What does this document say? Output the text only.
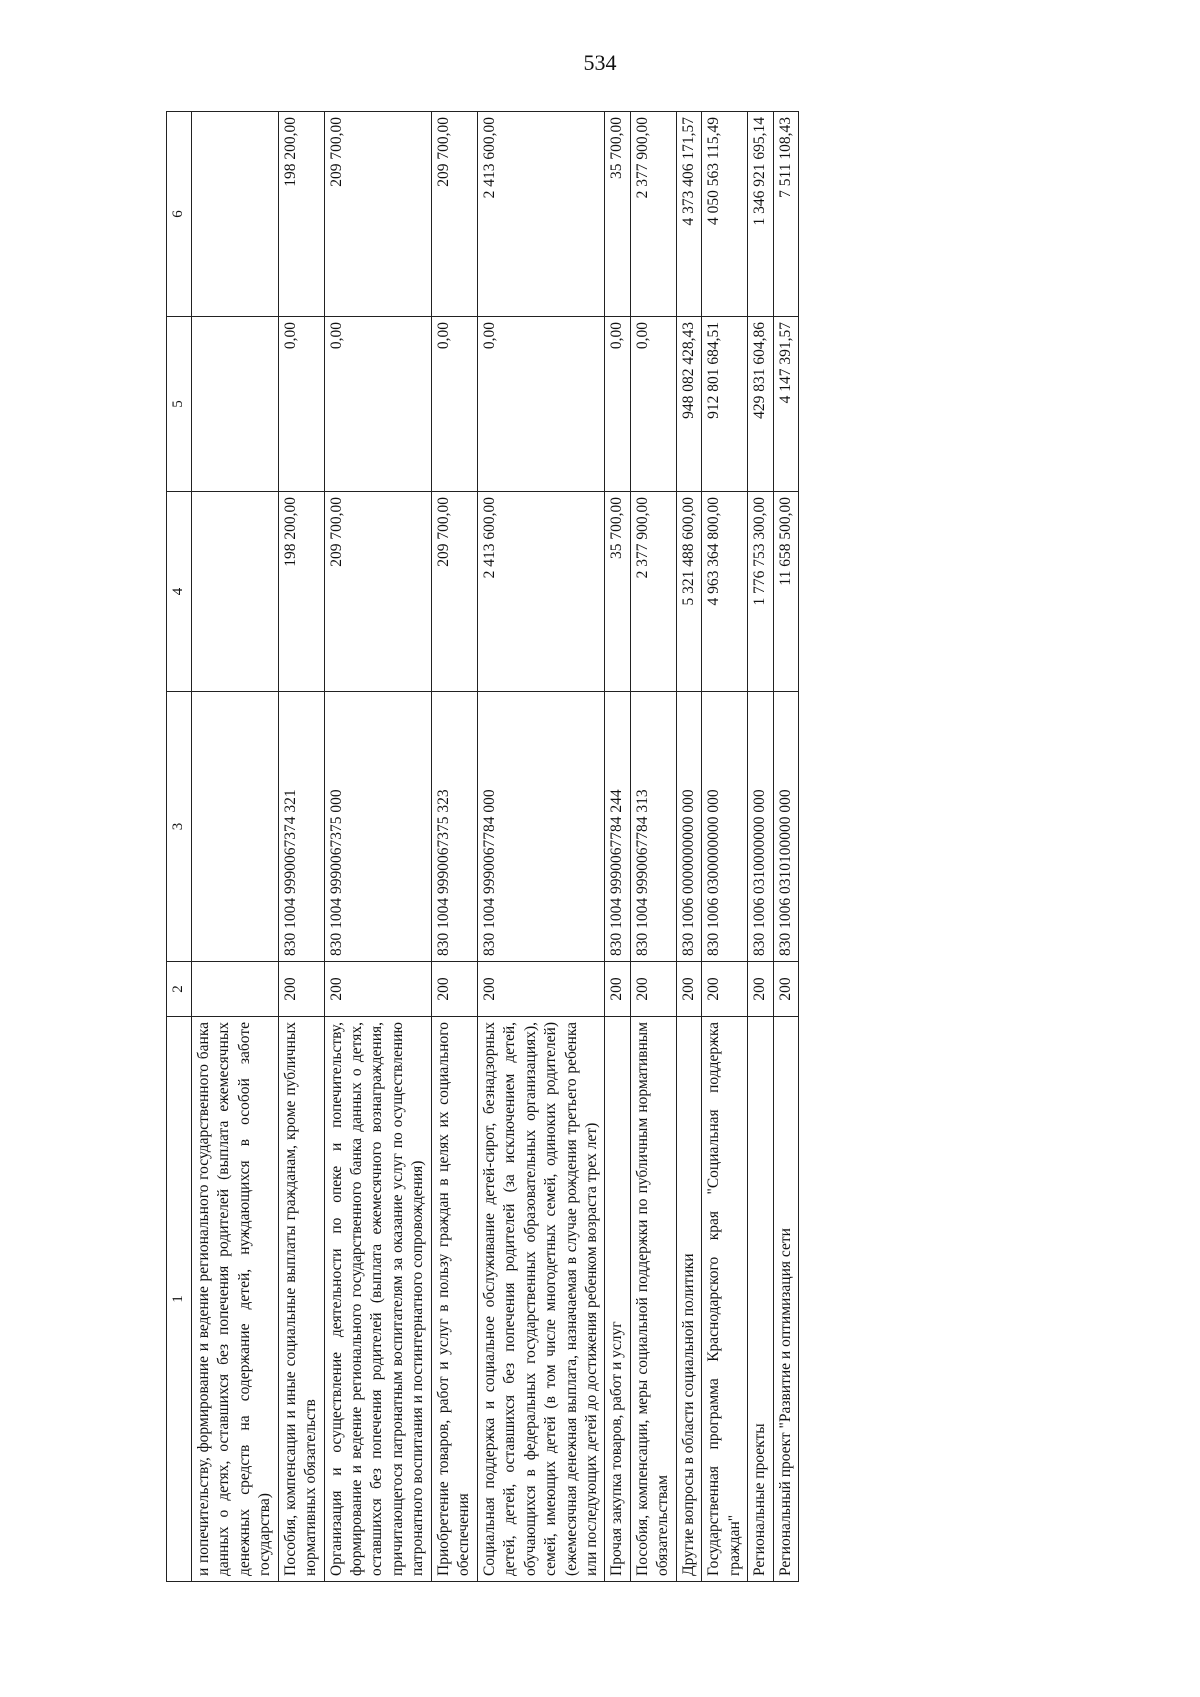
534
1	2	3	4	5	6
и попечительству, формирование и ведение регионального государственного банка данных о детях, оставшихся без попечения родителей (выплата ежемесячных денежных средств на содержание детей, нуждающихся в особой заботе государства)					
Пособия, компенсации и иные социальные выплаты гражданам, кроме публичных нормативных обязательств	200	830 1004 9990067374 321	198 200,00	0,00	198 200,00
Организация и осуществление деятельности по опеке и попечительству, формирование и ведение регионального государственного банка данных о детях, оставшихся без попечения родителей (выплата ежемесячного вознаграждения, причитающегося патронатным воспитателям за оказание услуг по осуществлению патронатного воспитания и постинтернатного сопровождения)	200	830 1004 9990067375 000	209 700,00	0,00	209 700,00
Приобретение товаров, работ и услуг в пользу граждан в целях их социального обеспечения	200	830 1004 9990067375 323	209 700,00	0,00	209 700,00
Социальная поддержка и социальное обслуживание детей-сирот, безнадзорных детей, детей, оставшихся без попечения родителей (за исключением детей, обучающихся в федеральных государственных образовательных организациях), семей, имеющих детей (в том числе многодетных семей, одиноких родителей) (ежемесячная денежная выплата, назначаемая в случае рождения третьего ребенка или последующих детей до достижения ребенком возраста трех лет)	200	830 1004 9990067784 000	2 413 600,00	0,00	2 413 600,00
Прочая закупка товаров, работ и услуг	200	830 1004 9990067784 244	35 700,00	0,00	35 700,00
Пособия, компенсации, меры социальной поддержки по публичным нормативным обязательствам	200	830 1004 9990067784 313	2 377 900,00	0,00	2 377 900,00
Другие вопросы в области социальной политики	200	830 1006 0000000000 000	5 321 488 600,00	948 082 428,43	4 373 406 171,57
Государственная программа Краснодарского края "Социальная поддержка граждан"	200	830 1006 0300000000 000	4 963 364 800,00	912 801 684,51	4 050 563 115,49
Региональные проекты	200	830 1006 0310000000 000	1 776 753 300,00	429 831 604,86	1 346 921 695,14
Региональный проект "Развитие и оптимизация сети	200	830 1006 0310100000 000	11 658 500,00	4 147 391,57	7 511 108,43
